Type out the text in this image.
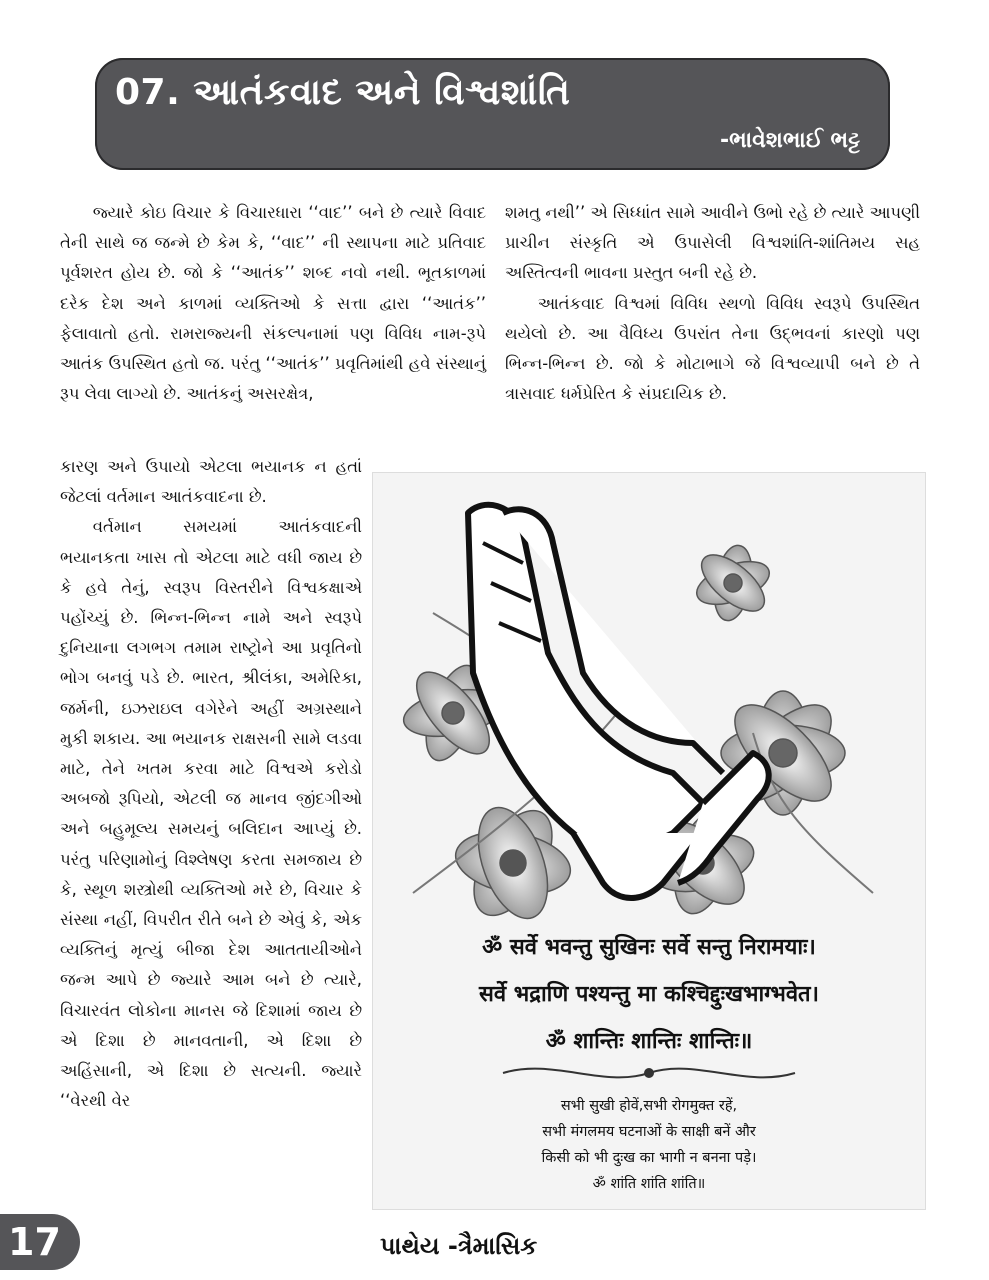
07. આતંકવાદ અને વિશ્વશાંતિ
-ભાવેશભાઈ ભટ્ટ

જ્યારે કોઇ વિચાર કે વિચારધારા ‘‘વાદ’’ બને છે ત્યારે વિવાદ તેની સાથે જ જન્મે છે કેમ કે, ‘‘વાદ’’ ની સ્થાપના માટે પ્રતિવાદ પૂર્વશરત હોય છે. જો કે ‘‘આતંક’’ શબ્દ નવો નથી. ભૂતકાળમાં દરેક દેશ અને કાળમાં વ્યક્તિઓ કે સત્તા દ્વારા ‘‘આતંક’’ ફેલાવાતો હતો. રામરાજ્યની સંકલ્પનામાં પણ વિવિધ નામ-રૂપે આતંક ઉપસ્થિત હતો જ. પરંતુ ‘‘આતંક’’ પ્રવૃતિમાંથી હવે સંસ્થાનું રૂપ લેવા લાગ્યો છે. આતંકનું અસરક્ષેત્ર,

કારણ અને ઉપાયો એટલા ભયાનક ન હતાં જેટલાં વર્તમાન આતંકવાદના છે.

વર્તમાન સમયમાં આતંકવાદની ભયાનકતા ખાસ તો એટલા માટે વધી જાય છે કે હવે તેનું, સ્વરૂપ વિસ્તરીને વિશ્વકક્ષાએ પહોંચ્યું છે. ભિન્ન-ભિન્ન નામે અને સ્વરૂપે દુનિયાના લગભગ તમામ રાષ્ટ્રોને આ પ્રવૃતિનો ભોગ બનવું પડે છે. ભારત, શ્રીલંકા, અમેરિકા, જર્મની, ઇઝરાઇલ વગેરેને અહીં અગ્રસ્થાને મુકી શકાય. આ ભયાનક રાક્ષસની સામે લડવા માટે, તેને ખતમ કરવા માટે વિશ્વએ કરોડો અબજો રૂપિયો, એટલી જ માનવ જીંદગીઓ અને બહુમૂલ્ય સમયનું બલિદાન આપ્યું છે. પરંતુ પરિણામોનું વિશ્લેષણ કરતા સમજાય છે કે, સ્થૂળ શસ્ત્રોથી વ્યક્તિઓ મરે છે, વિચાર કે સંસ્થા નહીં, વિપરીત રીતે બને છે એવું કે, એક વ્યક્તિનું મૃત્યું બીજા દેશ આતતાયીઓને જન્મ આપે છે જ્યારે આમ બને છે ત્યારે, વિચારવંત લોકોના માનસ જે દિશામાં જાય છે એ દિશા છે માનવતાની, એ દિશા છે અહિંસાની, એ દિશા છે સત્યની. જ્યારે ‘‘વેરથી વેર

શમતુ નથી’’ એ સિધ્ધાંત સામે આવીને ઉભો રહે છે ત્યારે આપણી પ્રાચીન સંસ્કૃતિ એ ઉપાસેલી વિશ્વશાંતિ-શાંતિમય સહ અસ્તિત્વની ભાવના પ્રસ્તુત બની રહે છે.

આતંકવાદ વિશ્વમાં વિવિધ સ્થળો વિવિધ સ્વરૂપે ઉપસ્થિત થયેલો છે. આ વૈવિધ્ય ઉપરાંત તેના ઉદ્ભવનાં કારણો પણ ભિન્ન-ભિન્ન છે. જો કે મોટાભાગે જે વિશ્વવ્યાપી બને છે તે ત્રાસવાદ ધર્મપ્રેરિત કે સંપ્રદાયિક છે.

ॐ सर्वे भवन्तु सुखिनः सर्वे सन्तु निरामयाः।
सर्वे भद्राणि पश्यन्तु मा कश्चिद्दुःखभाग्भवेत।
ॐ शान्तिः शान्तिः शान्तिः॥
सभी सुखी होवें,सभी रोगमुक्त रहें,
सभी मंगलमय घटनाओं के साक्षी बनें और
किसी को भी दुःख का भागी न बनना पड़े।
ॐ शांति शांति शांति॥
17	પાથેય -ત્રૈમાસિક
